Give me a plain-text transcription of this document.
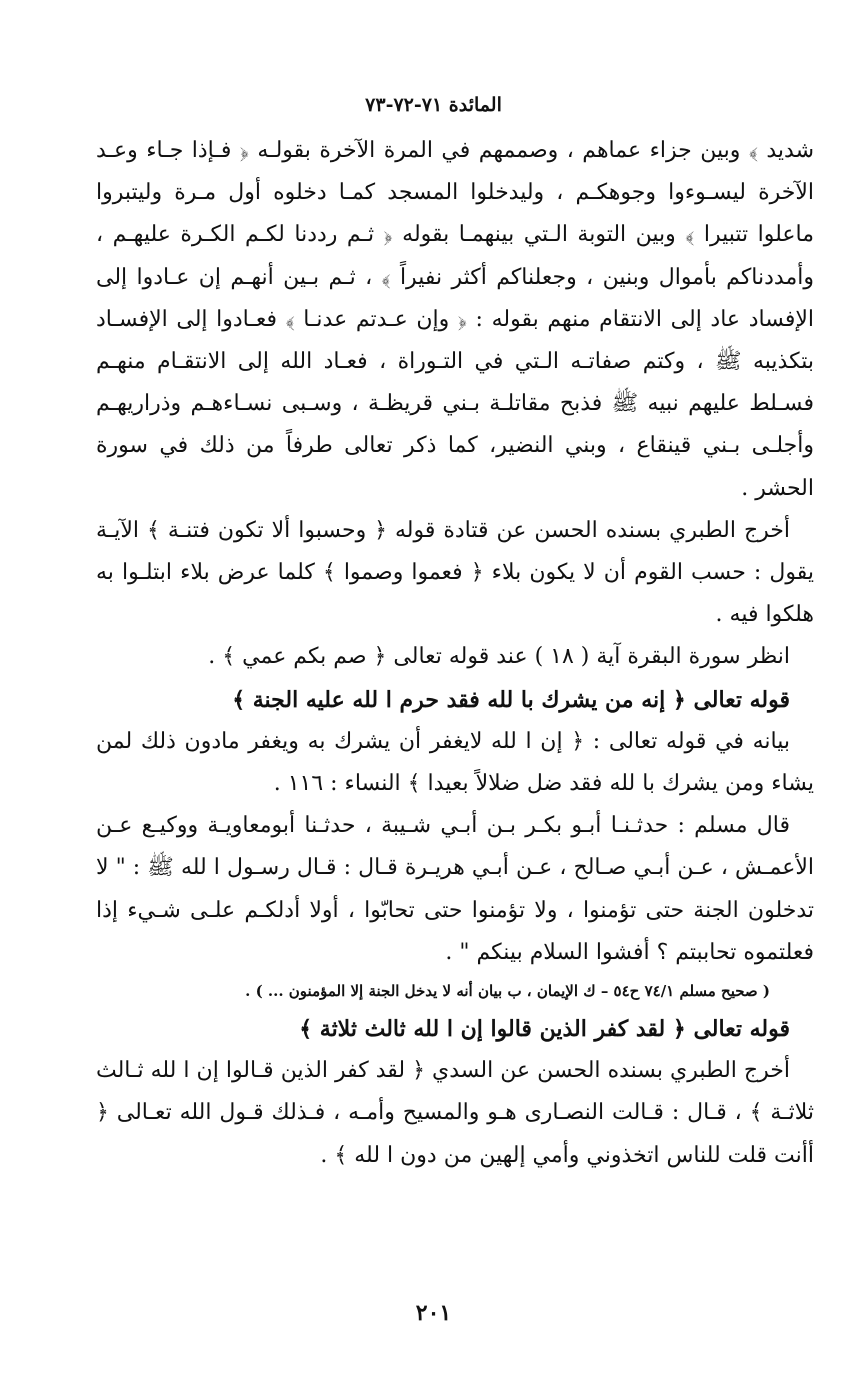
المائدة ٧١-٧٢-٧٣

شديد ﴾ وبين جزاء عماهم ، وصممهم في المرة الآخرة بقولـه ﴿ فـإذا جـاء وعـد الآخرة ليسـوءوا وجوهكـم ، وليدخلوا المسجد كمـا دخلوه أول مـرة وليتبروا ماعلوا تتبيرا ﴾ وبين التوبة الـتي بينهمـا بقوله ﴿ ثـم رددنا لكـم الكـرة عليهـم ، وأمددناكم بأموال وبنين ، وجعلناكم أكثر نفيراً ﴾ ، ثـم بـين أنهـم إن عـادوا إلى الإفساد عاد إلى الانتقام منهم بقوله : ﴿ وإن عـدتم عدنـا ﴾ فعـادوا إلى الإفسـاد بتكذيبه ﷺ ، وكتم صفاتـه الـتي في التـوراة ، فعـاد الله إلى الانتقـام منهـم فسـلط عليهم نبيه ﷺ فذبح مقاتلـة بـني قريظـة ، وسـبى نسـاءهـم وذراريهـم وأجلـى بـني قينقاع ، وبني النضير، كما ذكر تعالى طرفاً من ذلك في سورة الحشر .

أخرج الطبري بسنده الحسن عن قتادة قوله ﴿ وحسبوا ألا تكون فتنـة ﴾ الآيـة يقول : حسب القوم أن لا يكون بلاء ﴿ فعموا وصموا ﴾ كلما عرض بلاء ابتلـوا به هلكوا فيه .

انظر سورة البقرة آية ( ١٨ ) عند قوله تعالى ﴿ صم بكم عمي ﴾ .

قوله تعالى ﴿ إنه من يشرك با لله فقد حرم ا لله عليه الجنة ﴾

بيانه في قوله تعالى : ﴿ إن ا لله لايغفر أن يشرك به ويغفر مادون ذلك لمن يشاء ومن يشرك با لله فقد ضل ضلالاً بعيدا ﴾ النساء : ١١٦ .

قال مسلم : حدثـنـا أبـو بكـر بـن أبـي شـيبة ، حدثـنا أبومعاويـة ووكيـع عـن الأعمـش ، عـن أبـي صـالح ، عـن أبـي هريـرة قـال : قـال رسـول ا لله ﷺ : " لا تدخلون الجنة حتى تؤمنوا ، ولا تؤمنوا حتى تحابّوا ، أولا أدلكـم علـى شـيء إذا فعلتموه تحاببتم ؟ أفشوا السلام بينكم " .

( صحيح مسلم ٧٤/١ ح٥٤ – ك الإيمان ، ب بيان أنه لا يدخل الجنة إلا المؤمنون ... ) .

قوله تعالى ﴿ لقد كفر الذين قالوا إن ا لله ثالث ثلاثة ﴾

أخرج الطبري بسنده الحسن عن السدي ﴿ لقد كفر الذين قـالوا إن ا لله ثـالث ثلاثـة ﴾ ، قـال : قـالت النصـارى هـو والمسيح وأمـه ، فـذلك قـول الله تعـالى ﴿ أأنت قلت للناس اتخذوني وأمي إلهين من دون ا لله ﴾ .

٢٠١
